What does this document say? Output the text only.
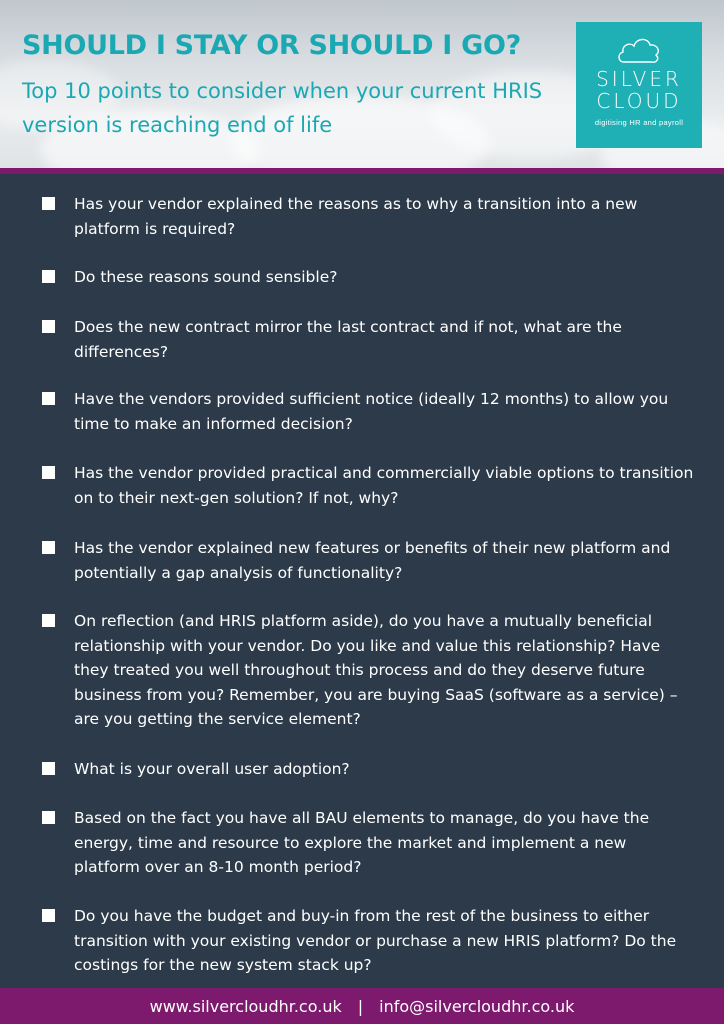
SHOULD I STAY OR SHOULD I GO?
Top 10 points to consider when your current HRIS version is reaching end of life
SILVER
CLOUD
digitising HR and payroll
Has your vendor explained the reasons as to why a transition into a new platform is required?
Do these reasons sound sensible?
Does the new contract mirror the last contract and if not, what are the differences?
Have the vendors provided sufficient notice (ideally 12 months) to allow you time to make an informed decision?
Has the vendor provided practical and commercially viable options to transition on to their next-gen solution? If not, why?
Has the vendor explained new features or benefits of their new platform and potentially a gap analysis of functionality?
On reflection (and HRIS platform aside), do you have a mutually beneficial relationship with your vendor. Do you like and value this relationship? Have they treated you well throughout this process and do they deserve future business from you? Remember, you are buying SaaS (software as a service) – are you getting the service element?
What is your overall user adoption?
Based on the fact you have all BAU elements to manage, do you have the energy, time and resource to explore the market and implement a new platform over an 8-10 month period?
Do you have the budget and buy-in from the rest of the business to either transition with your existing vendor or purchase a new HRIS platform? Do the costings for the new system stack up?
www.silvercloudhr.co.uk | info@silvercloudhr.co.uk
